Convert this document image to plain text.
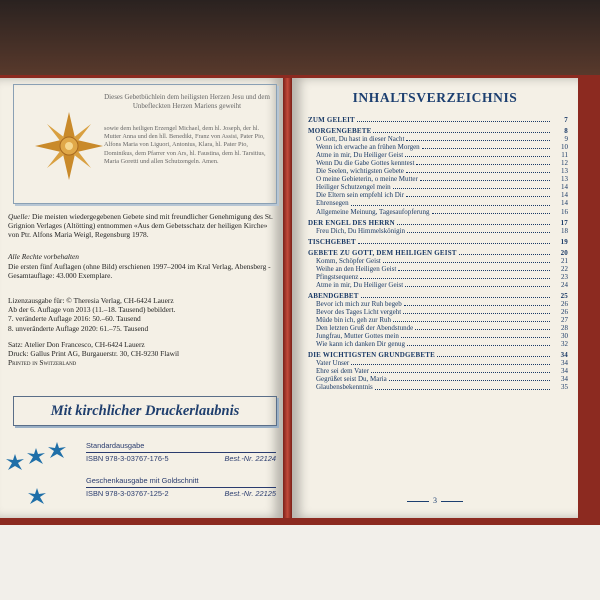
Dieses Gebetbüchlein dem heiligsten Herzen Jesu und dem Unbefleckten Herzen Mariens geweiht
sowie dem heiligen Erzengel Michael, dem hl. Joseph, der hl. Mutter Anna und den hll. Benedikt, Franz von Assisi, Pater Pio, Alfons Maria von Liguori, Antonius, Klara, hl. Pater Pio, Dominikus, dem Pfarrer von Ars, hl. Faustina, dem hl. Tarsitius, Maria Goretti und allen Schutzengeln. Amen.
Quelle: Die meisten wiedergegebenen Gebete sind mit freundlicher Genehmigung des St. Grignion Verlages (Altötting) entnommen «Aus dem Gebetsschatz der heiligen Kirche» von Ptr. Alfons Maria Weigl, Regensburg 1978.
Alle Rechte vorbehalten
Die ersten fünf Auflagen (ohne Bild) erschienen 1997–2004 im Kral Verlag, Abensberg - Gesamtauflage: 43.000 Exemplare.
Lizenzausgabe für: © Theresia Verlag, CH-6424 Lauerz
Ab der 6. Auflage von 2013 (11.–18. Tausend) bebildert.
7. veränderte Auflage 2016: 50.–60. Tausend
8. unveränderte Auflage 2020: 61.–75. Tausend
Satz: Atelier Don Francesco, CH-6424 Lauerz
Druck: Gallus Print AG, Burgauerstr. 30, CH-9230 Flawil
Printed in Switzerland
Mit kirchlicher Druckerlaubnis
Standardausgabe
ISBN 978-3-03767-176-5	Best.-Nr. 22124
Geschenkausgabe mit Goldschnitt
ISBN 978-3-03767-125-2	Best.-Nr. 22125
INHALTSVERZEICHNIS
ZUM GELEIT	7
MORGENGEBETE	8
O Gott, Du hast in dieser Nacht	9
Wenn ich erwache an frühen Morgen	10
Atme in mir, Du Heiliger Geist	11
Wenn Du die Gabe Gottes kenntest	12
Die Seelen, wichtigsten Gebete	13
O meine Gebieterin, o meine Mutter	13
Heiliger Schutzengel mein	14
Die Eltern sein empfehl ich Dir	14
Ehrensegen	14
Allgemeine Meinung, Tagesaufopferung	16
DER ENGEL DES HERRN	17
Freu Dich, Du Himmelskönigin	18
TISCHGEBET	19
GEBETE ZU GOTT, DEM HEILIGEN GEIST	20
Komm, Schöpfer Geist	21
Weihe an den Heiligen Geist	22
Pfingstsequenz	23
Atme in mir, Du Heiliger Geist	24
ABENDGEBET	25
Bevor ich mich zur Ruh begeb	26
Bevor des Tages Licht vergeht	26
Müde bin ich, geh zur Ruh	27
Den letzten Gruß der Abendstunde	28
Jungfrau, Mutter Gottes mein	30
Wie kann ich danken Dir genug	32
DIE WICHTIGSTEN GRUNDGEBETE	34
Vater Unser	34
Ehre sei dem Vater	34
Gegrüßet seist Du, Maria	34
Glaubensbekenntnis	35
3
